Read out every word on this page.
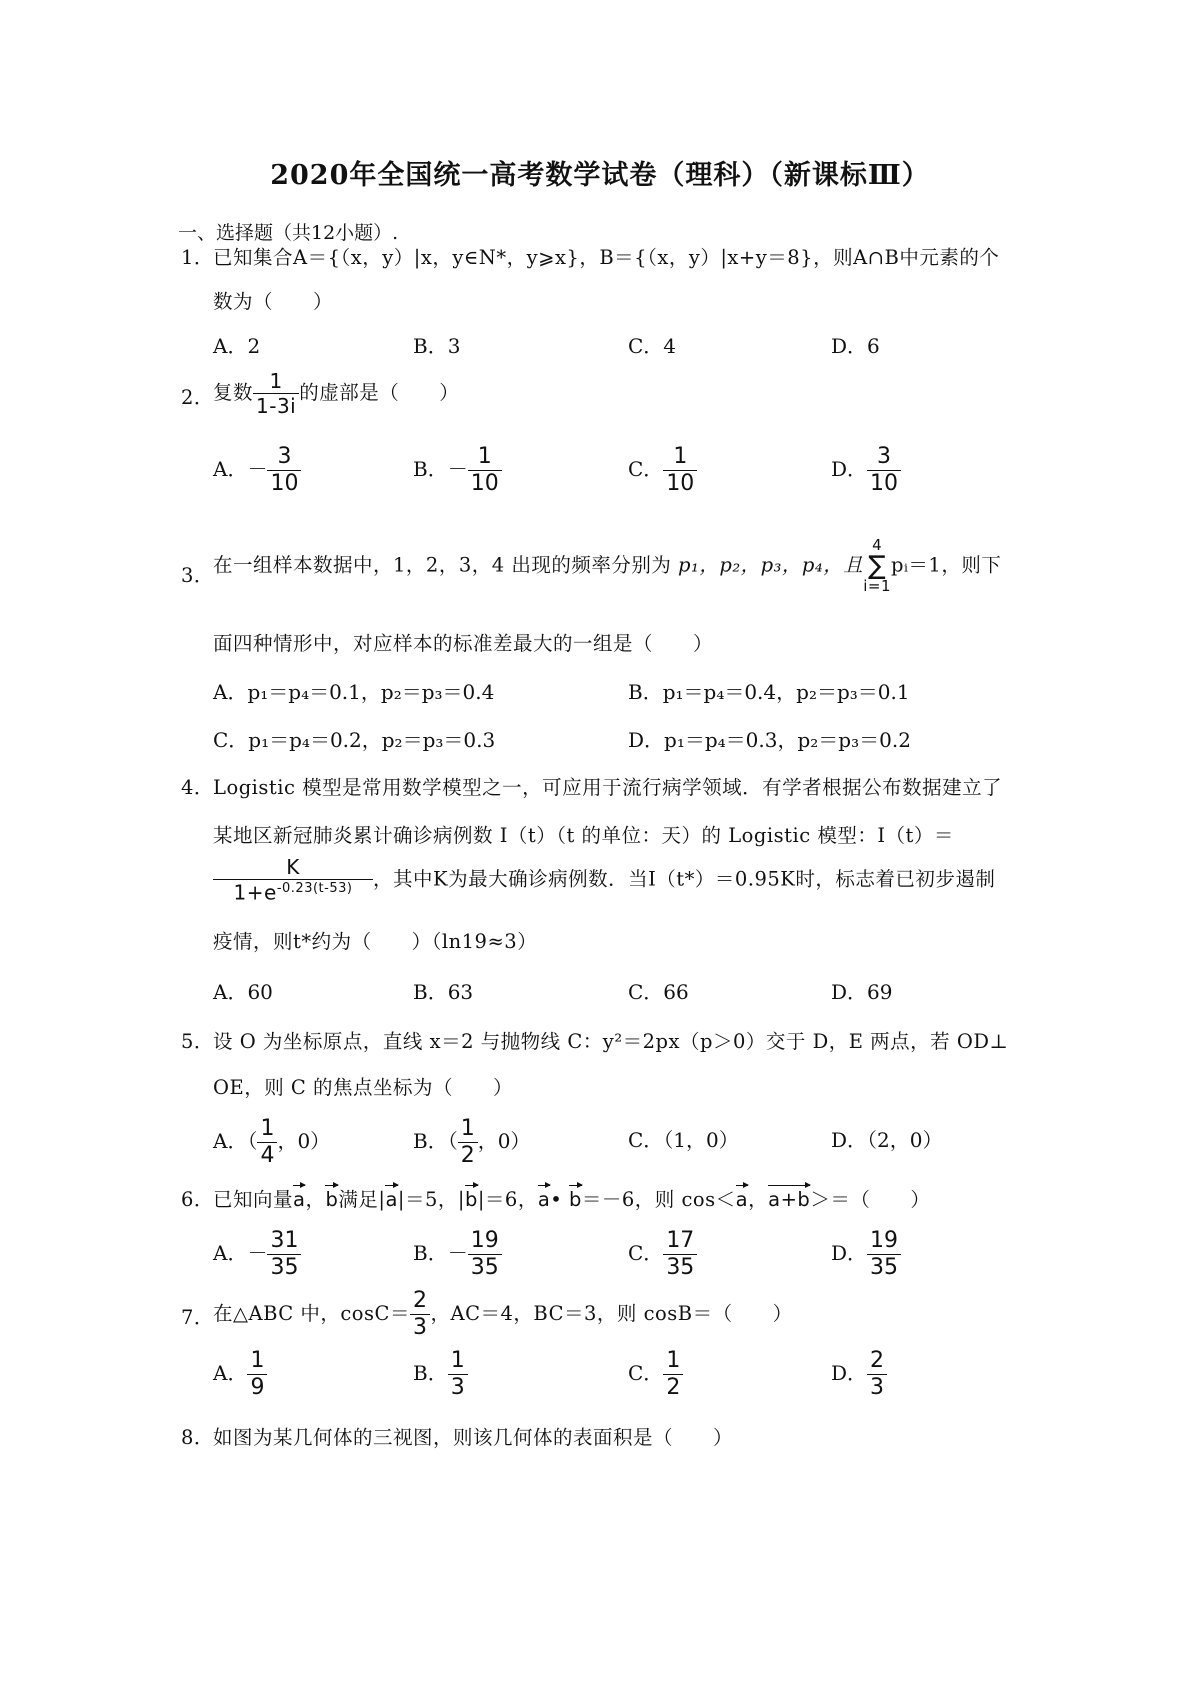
2020年全国统一高考数学试卷（理科）（新课标Ⅲ）
一、选择题（共12小题）.
1． 已知集合A＝{（x，y）|x，y∈N*，y⩾x}，B＝{（x，y）|x+y＝8}，则A∩B中元素的个
数为（　　）
A．2	B．3	C．4	D．6
2． 复数 $\frac{1}{1-3i}$ 的虚部是（　　）
A．－ $\frac{3}{10}$	B．－ $\frac{1}{10}$	C． $\frac{1}{10}$	D． $\frac{3}{10}$
3． 在一组样本数据中，1，2，3，4 出现的频率分别为 p₁，p₂，p₃，p₄，且
4
∑
i=1
pᵢ＝1，则下
面四种情形中，对应样本的标准差最大的一组是（　　）
A．p₁＝p₄＝0.1，p₂＝p₃＝0.4	B．p₁＝p₄＝0.4，p₂＝p₃＝0.1
C．p₁＝p₄＝0.2，p₂＝p₃＝0.3	D．p₁＝p₄＝0.3，p₂＝p₃＝0.2
4． Logistic 模型是常用数学模型之一，可应用于流行病学领域．有学者根据公布数据建立了
某地区新冠肺炎累计确诊病例数 I（t）（t 的单位：天）的 Logistic 模型：I（t）＝
$\frac{K}{1+e^{-0.23(t-53)}}$ ，其中K为最大确诊病例数．当I（t*）＝0.95K时，标志着已初步遏制
疫情，则t*约为（　　）（ln19≈3）
A．60	B．63	C．66	D．69
5． 设 O 为坐标原点，直线 x＝2 与抛物线 C：y²＝2px（p＞0）交于 D，E 两点，若 OD⊥
OE，则 C 的焦点坐标为（　　）
A．（ $\frac{1}{4}$ ，0）	B．（ $\frac{1}{2}$ ，0）	C．（1，0）	D．（2，0）
6． 已知向量a，b满足|a|＝5，|b|＝6，a• b＝－6，则 cos＜a，a+b＞＝（　　）
A．－ $\frac{31}{35}$	B．－ $\frac{19}{35}$	C． $\frac{17}{35}$	D． $\frac{19}{35}$
7． 在△ABC 中，$\cos C= \frac{2}{3}$ ，AC＝4，BC＝3，则 cosB＝（　　）
A． $\frac{1}{9}$	B． $\frac{1}{3}$	C． $\frac{1}{2}$	D． $\frac{2}{3}$
8． 如图为某几何体的三视图，则该几何体的表面积是（　　）
